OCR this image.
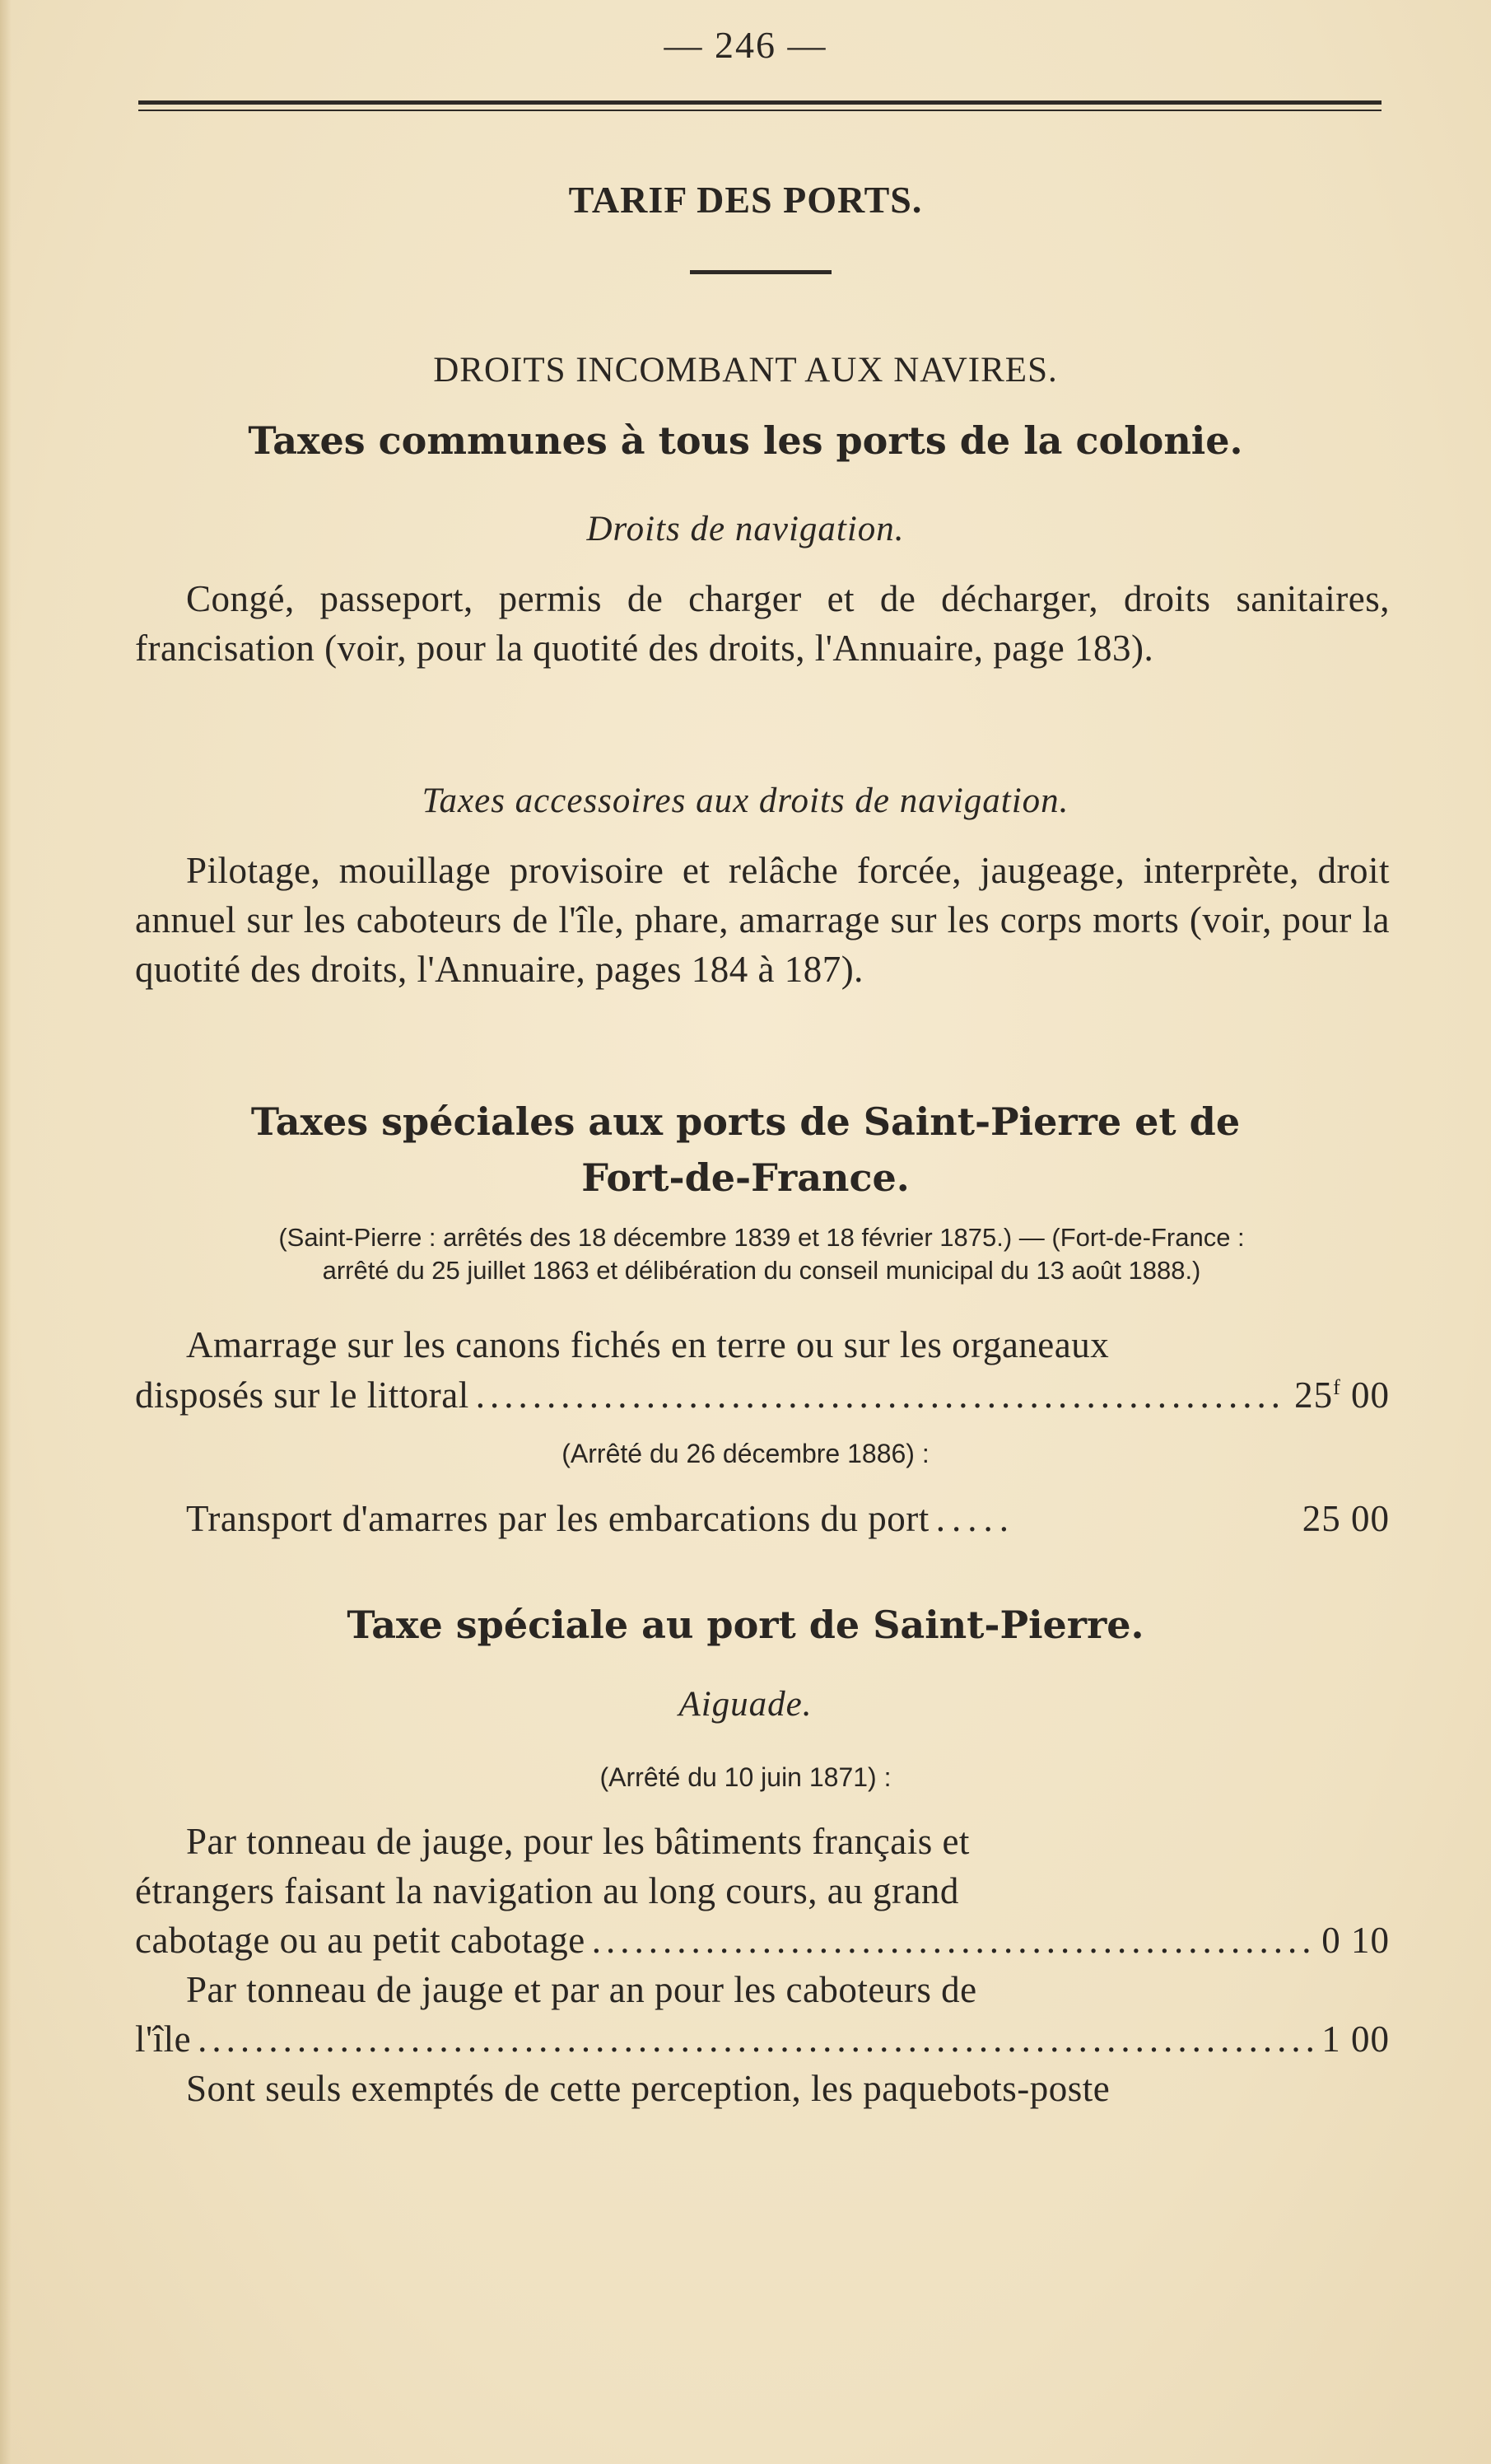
— 246 —
TARIF DES PORTS.
DROITS INCOMBANT AUX NAVIRES.
Taxes communes à tous les ports de la colonie.
Droits de navigation.
Congé, passeport, permis de charger et de décharger, droits sanitaires, francisation (voir, pour la quotité des droits, l'Annuaire, page 183).
Taxes accessoires aux droits de navigation.
Pilotage, mouillage provisoire et relâche forcée, jaugeage, interprète, droit annuel sur les caboteurs de l'île, phare, amarrage sur les corps morts (voir, pour la quotité des droits, l'Annuaire, pages 184 à 187).
Taxes spéciales aux ports de Saint-Pierre et de
Fort-de-France.
(Saint-Pierre : arrêtés des 18 décembre 1839 et 18 février 1875.) — (Fort-de-France :
arrêté du 25 juillet 1863 et délibération du conseil municipal du 13 août 1888.)
Amarrage sur les canons fichés en terre ou sur les organeaux
disposés sur le littoral .....	25$^f$ 00
(Arrêté du 26 décembre 1886) :
Transport d'amarres par les embarcations du port .....	25 00
Taxe spéciale au port de Saint-Pierre.
Aiguade.
(Arrêté du 10 juin 1871) :
Par tonneau de jauge, pour les bâtiments français et
étrangers faisant la navigation au long cours, au grand
cabotage ou au petit cabotage .....	0 10
Par tonneau de jauge et par an pour les caboteurs de
l'île .....	1 00
Sont seuls exemptés de cette perception, les paquebots-poste
